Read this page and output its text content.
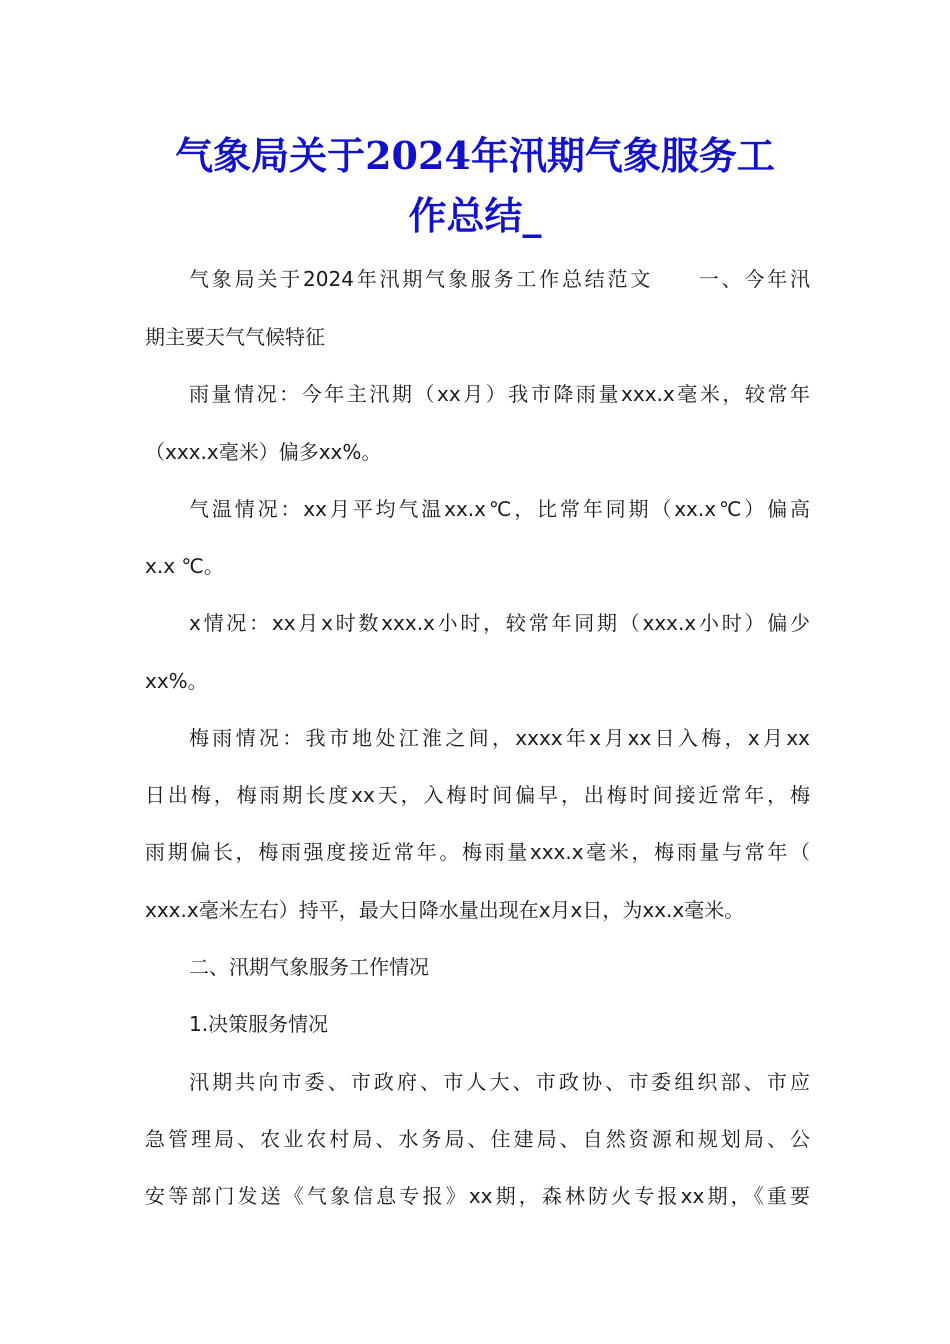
气象局关于2024年汛期气象服务工
作总结_
气象局关于2024年汛期气象服务工作总结范文　　一、今年汛
期主要天气气候特征
雨量情况：今年主汛期（xx月）我市降雨量xxx.x毫米，较常年
（xxx.x毫米）偏多xx%。
气温情况：xx月平均气温xx.x℃，比常年同期（xx.x℃）偏高
x.x ℃。
x情况：xx月x时数xxx.x小时，较常年同期（xxx.x小时）偏少
xx%。
梅雨情况：我市地处江淮之间，xxxx年x月xx日入梅，x月xx
日出梅，梅雨期长度xx天，入梅时间偏早，出梅时间接近常年，梅
雨期偏长，梅雨强度接近常年。梅雨量xxx.x毫米，梅雨量与常年（
xxx.x毫米左右）持平，最大日降水量出现在x月x日，为xx.x毫米。
二、汛期气象服务工作情况
1.决策服务情况
汛期共向市委、市政府、市人大、市政协、市委组织部、市应
急管理局、农业农村局、水务局、住建局、自然资源和规划局、公
安等部门发送《气象信息专报》xx期，森林防火专报xx期，《重要
